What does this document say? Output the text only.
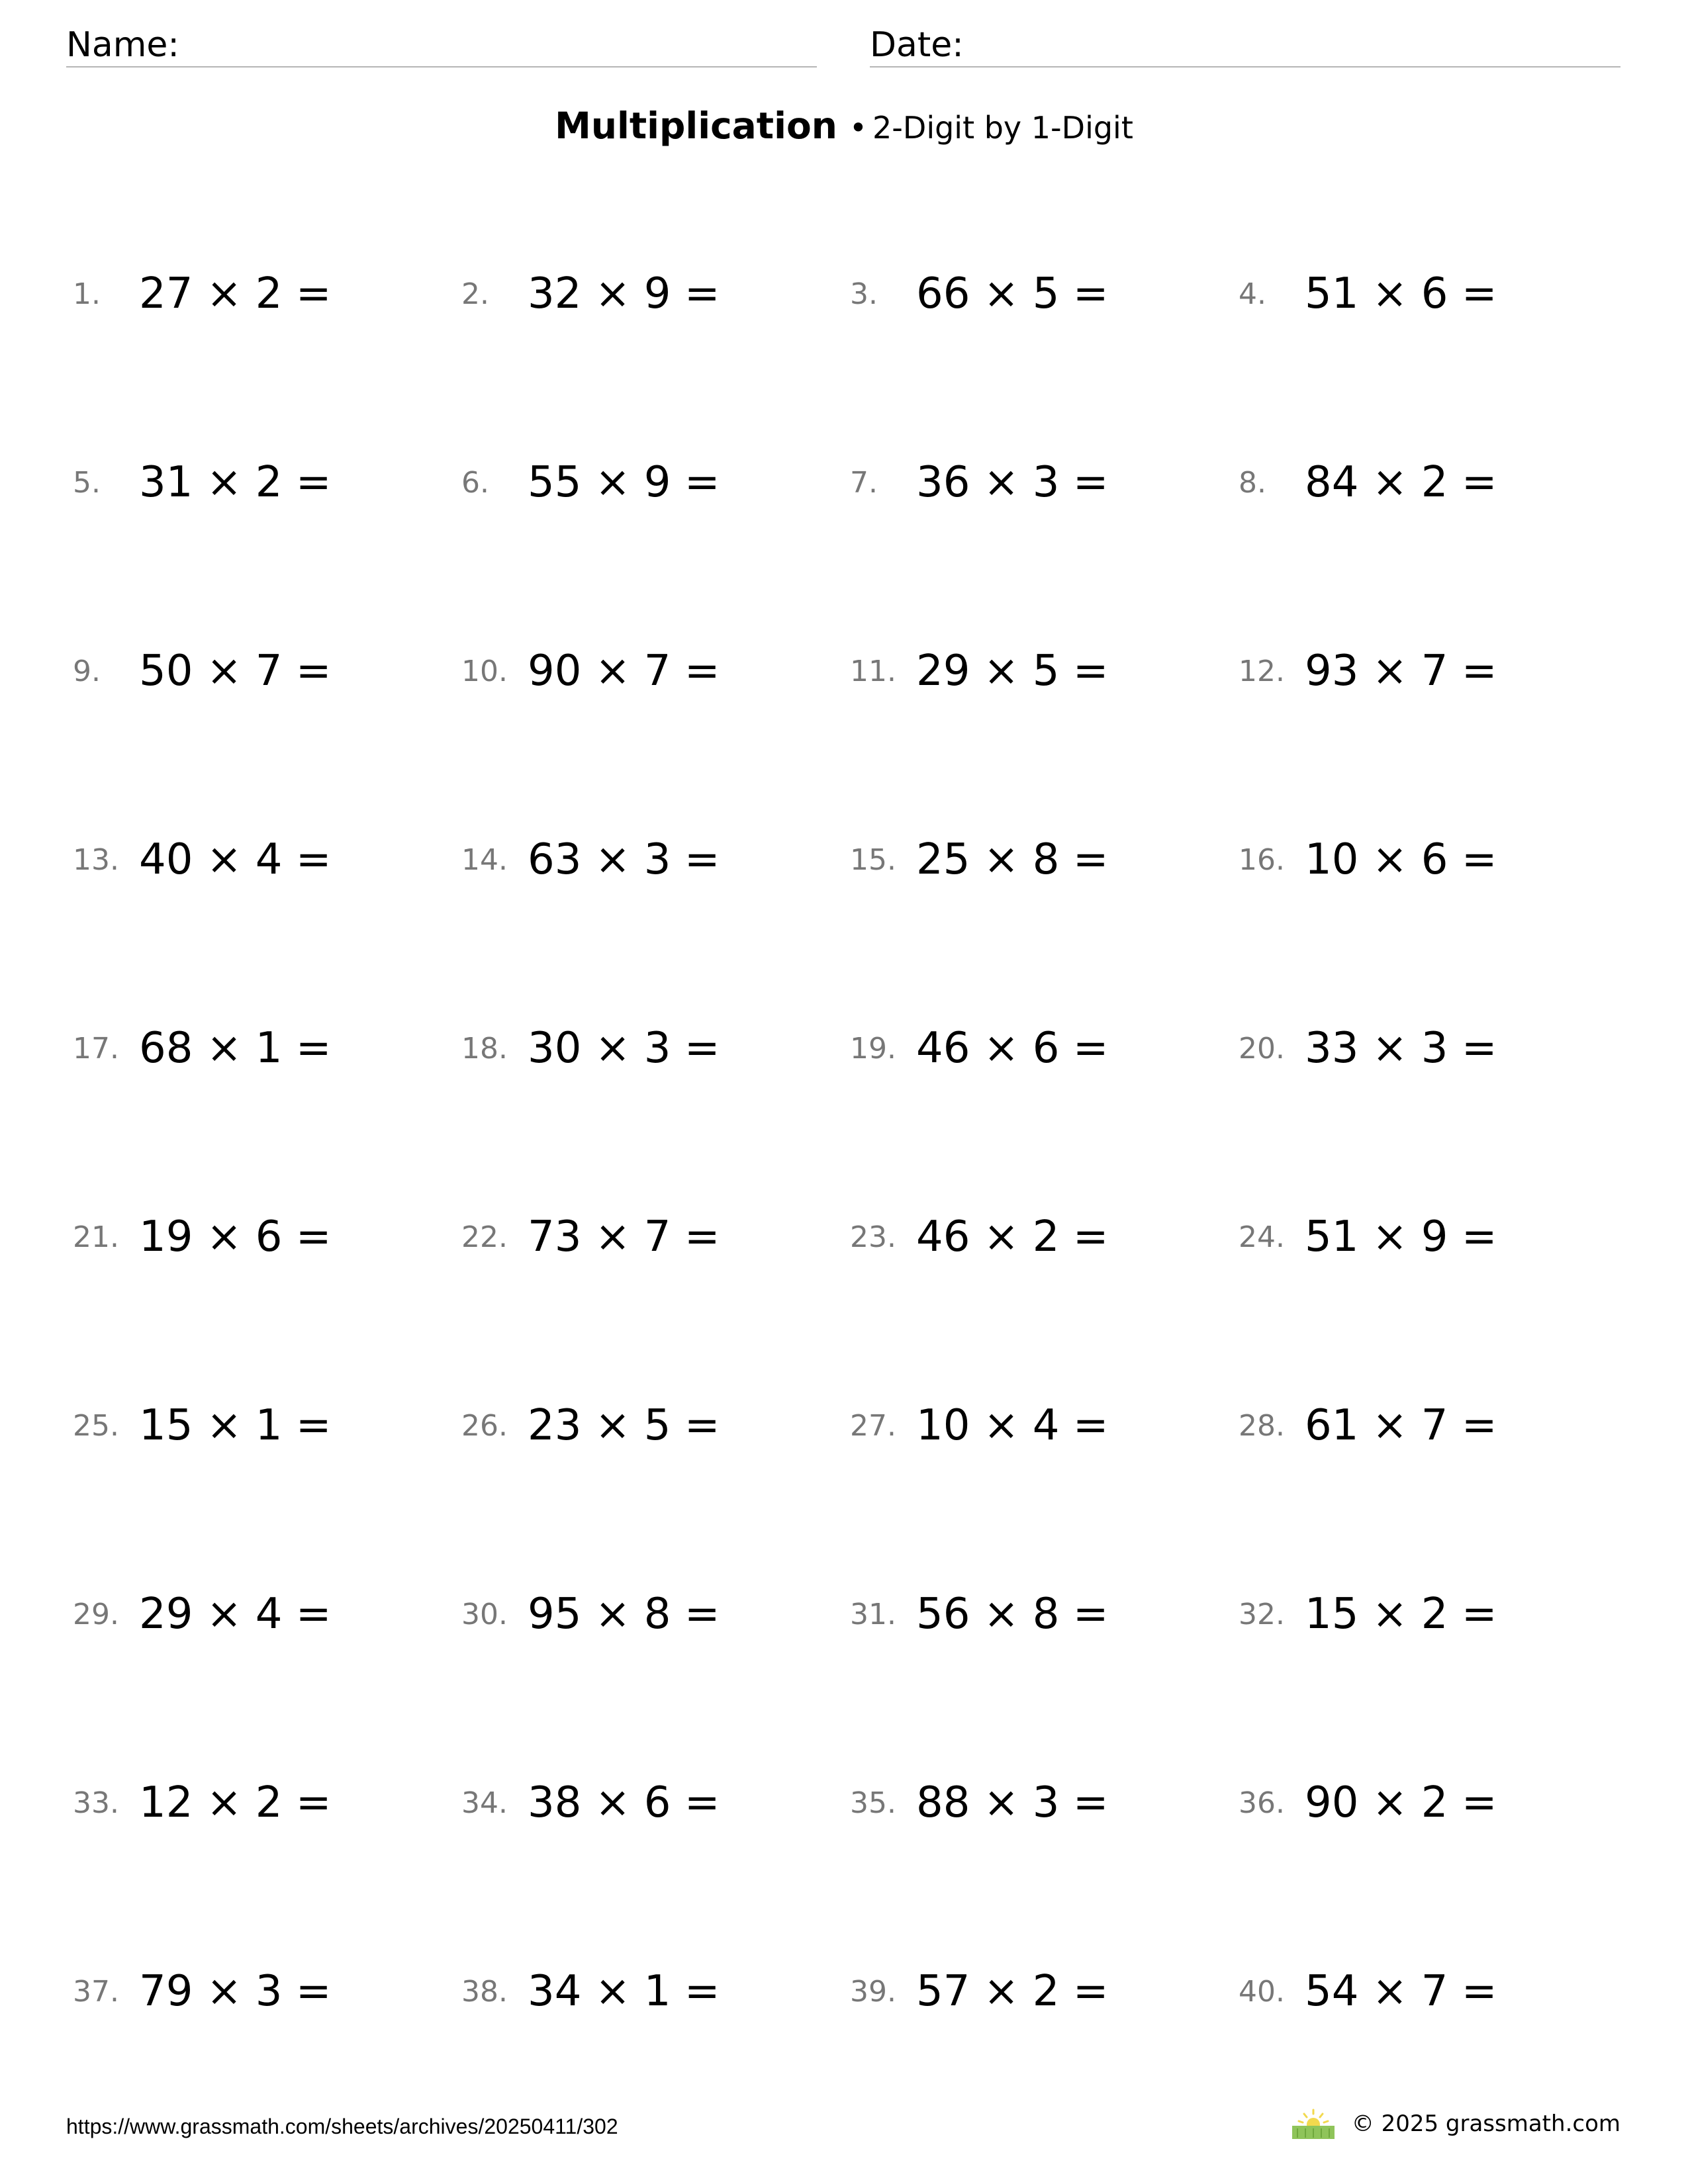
Name:	Date:
Multiplication • 2-Digit by 1-Digit
1. 27 × 2 =	2. 32 × 9 =	3. 66 × 5 =	4. 51 × 6 =
5. 31 × 2 =	6. 55 × 9 =	7. 36 × 3 =	8. 84 × 2 =
9. 50 × 7 =	10. 90 × 7 =	11. 29 × 5 =	12. 93 × 7 =
13. 40 × 4 =	14. 63 × 3 =	15. 25 × 8 =	16. 10 × 6 =
17. 68 × 1 =	18. 30 × 3 =	19. 46 × 6 =	20. 33 × 3 =
21. 19 × 6 =	22. 73 × 7 =	23. 46 × 2 =	24. 51 × 9 =
25. 15 × 1 =	26. 23 × 5 =	27. 10 × 4 =	28. 61 × 7 =
29. 29 × 4 =	30. 95 × 8 =	31. 56 × 8 =	32. 15 × 2 =
33. 12 × 2 =	34. 38 × 6 =	35. 88 × 3 =	36. 90 × 2 =
37. 79 × 3 =	38. 34 × 1 =	39. 57 × 2 =	40. 54 × 7 =
https://www.grassmath.com/sheets/archives/20250411/302	© 2025 grassmath.com
